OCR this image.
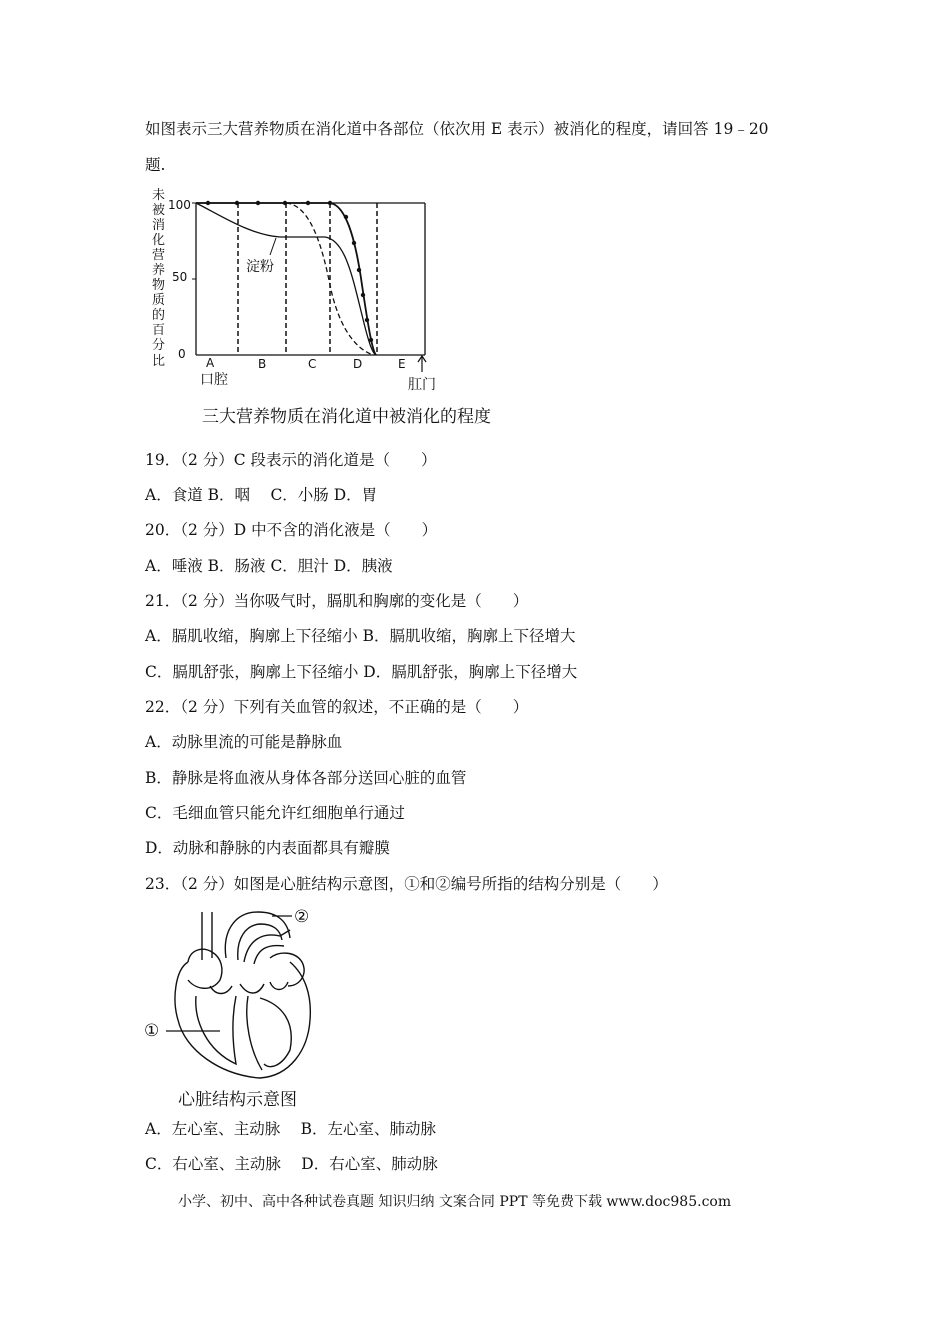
如图表示三大营养物质在消化道中各部位（依次用 E 表示）被消化的程度，请回答 19﹣20
题.
未
被
消
化
营
养
物
质
的
百
分
比
100
50
0
A	B	C	D	E
口腔	肛门
淀粉
三大营养物质在消化道中被消化的程度
19．（2 分）C 段表示的消化道是（　　）
A．食道 B．咽　 C．小肠 D．胃
20．（2 分）D 中不含的消化液是（　　）
A．唾液 B．肠液 C．胆汁 D．胰液
21．（2 分）当你吸气时，膈肌和胸廓的变化是（　　）
A．膈肌收缩，胸廓上下径缩小 B．膈肌收缩，胸廓上下径增大
C．膈肌舒张，胸廓上下径缩小 D．膈肌舒张，胸廓上下径增大
22．（2 分）下列有关血管的叙述，不正确的是（　　）
A．动脉里流的可能是静脉血
B．静脉是将血液从身体各部分送回心脏的血管
C．毛细血管只能允许红细胞单行通过
D．动脉和静脉的内表面都具有瓣膜
23．（2 分）如图是心脏结构示意图，①和②编号所指的结构分别是（　　）
②
①
心脏结构示意图
A．左心室、主动脉　 B．左心室、肺动脉
C．右心室、主动脉　 D．右心室、肺动脉
小学、初中、高中各种试卷真题 知识归纳 文案合同 PPT 等免费下载 www.doc985.com
